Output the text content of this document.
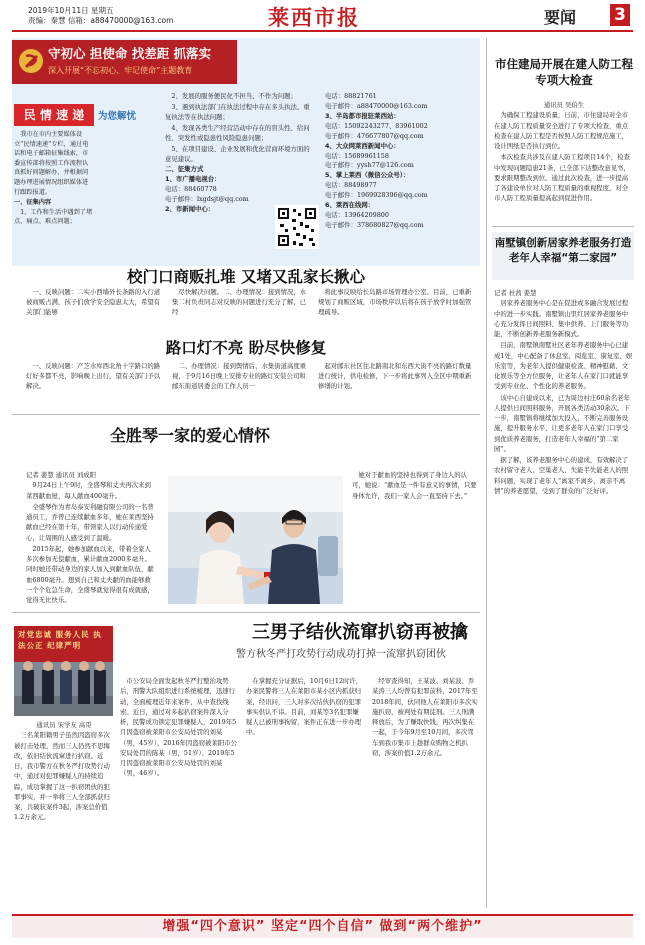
2019年10月11日 星期五
责编：秦慧 信箱：a88470000@163.com	莱西市报	要闻 3
守初心 担使命 找差距 抓落实
深入开展“不忘初心、牢记使命”主题教育
民 情 速 递	为您解忧

我市在市内主要媒体设立“民情速递”专栏，通过电话和电子邮箱征集线索，市委宣传部将按照工作流程认真抓好问题解办，并根据问题办理进展情况组织媒体进行跟踪报道。

一、征集内容

1、工作和生活中遇到了堵点、痛点、难点问题；

2、发展的服务便民化不担当、不作为问题；

3、遇到执法部门在执法过程中存在多头执法、重复执法等在执法问题；

4、发现各类生产经营活动中存在的盲头性、给问性、突发性或隐患性风险隐患问题；

5、在项目建设、企业发展和优化营商环境方面的意见建议。

二、征集方式
1、市广播电视台：
电话：88460778
电子邮件：lxgdsjt@qq.com
2、市新闻中心：
电话：88821761
电子邮件：a88470000@163.com
3、半岛都市报驻莱西站：
电话：15092243277、83961002
电子邮件：476677807@qq.com
4、大众网莱西新闻中心：
电话：15689961158
电子邮件：yysh77@126.com
5、掌上莱西（微信公众号）：
电话：88498977
电子邮件：1969928396@qq.com
6、莱西在线网：
电话：13964209800
电子邮件：378680827@qq.com
校门口商贩扎堆 又堵又乱家长揪心

一、反映问题：二实小西墙外长条路的入行道被商贩占满，孩子们放学安全隐患太大，希望有关部门能够

尽快解决问题。二、办理情况：接到情况，水集二村负责同志对反映的问题进行充分了解，已经

将此事反映给长岛路市场管理办公室。目前，已重新规划了商贩区域，市场秩序以后将在孩子放学时加强管理疏导。

路口灯不亮 盼尽快修复

一、反映问题：产芝水库西北角十字路口的路灯好多都不亮，影响晚上出行，望有关部门予以解决。

二、办理情况：接到舆情后，水集街道高度重视，于9月16日晚上安排专业的路灯安装公司和邮东街道居委会的工作人员一

起对邮东社区往北路南北和东西大街不亮的路灯数量进行统计，供电检修，下一步将此事列入全区中期重新修缮的计划。

全胜琴一家的爱心情怀
记者 姜慧 通讯员 刘成阳

9月24日上午9时，全盛琴和丈夫再次来到莱西献血屋，每人献血400毫升。

全盛琴作为青岛泰安利融有限公司的一名普通员工，乔曾已连续献血多年，她在莱西坚持献血已经在第十年，带领家人以行动传递爱心，让周围的人感受到了温暖。

2015年起，她参加献血以来，带着全家人多次参加无偿献血，累计献血2000多毫升。同时她还带动身边的家人加入到献血队伍，献血6800毫升。想到自己和丈夫献的血能够救一个个危急生命，全盛琴就觉得很有成就感，觉得无比快乐。

她对于献血的坚持也得到了身边人的认可，她说：“献血是一件有意义的事情，只要身体允许，我们一家人会一直坚持下去。”

三男子结伙流窜扒窃再被擒
警方秋冬严打攻势行动成功打掉一流窜扒窃团伙
对党忠诚 服务人民 执法公正 纪律严明
通讯员 宋学友 高哥

三名莱阳籍男子虽然因盗窃多次被打击处理，然而三人仍然不思悔改，依旧结伙流窜进行扒窃。近日，我市警方在秋冬严打攻势行动中，通过对犯罪嫌疑人的持续追踪，成功掌握了这一扒窃团伙的犯罪事实，并一举将三人全部抓获归案，共破获案件3起，涉案总价值1.2万余元。

市公安局全面发起秋冬严打整治攻势后，刑警大队组织进行系统梳理，迅速行动，全面梳理近年来案件，从中查找线索。近日，通过对多起扒窃案件深入分析，民警成功锁定犯罪嫌疑人，2019年5月因盗窃被莱阳市公安局处罚的刘某（男，45岁）、2016年因盗窃被莱阳市公安局处罚的陈某（男，51岁）、2019年5月因盗窃被莱阳市公安局处罚的刘某（男，46岁）。

在掌握充分证据后，10月6日12时许，办案民警将三人在莱阳市某小区内抓获归案，经讯问，三人对多次结伙扒窃的犯罪事实供认不讳。目前，刘某等3名犯罪嫌疑人已被刑事拘留，案件正在进一步办理中。

经审查得知，王某波、刘某波、乔某涛三人均曾有犯罪前科，2017年至2018年间，伙同他人在莱阳市多次实施扒窃，被判处有期徒刑。三人刑满释放后，为了赚取快钱，再次纠集在一起，于今年9月至10月间，多次驾车到我市集市上趁群众购物之机扒窃，涉案价值1.2万余元。

市住建局开展在建人防工程专项大检查
通讯员 吴伯生

为确保工程建设质量，日前，市住建局对全市在建人防工程质量安全进行了专项大检查，重点检查在建人防工程是否按照人防工程规范施工，设计图纸是否执行到位。

本次检查共涉及在建人防工程项目14个，检查中发现问题隐患21条，已全部下达整改意见书，要求限期整改到位。通过此次检查，进一步提高了各建设单位对人防工程质量的重视程度，对全市人防工程质量提高起到促进作用。

南墅镇创新居家养老服务打造老年人幸福“第二家园”
记者 杜茜 姜慧

居家养老服务中心是在促进或多融合发展过程中的进一步实践。南墅镇山里红居家养老服务中心充分发挥日间照料、集中供养、上门服务等功能，不断创新养老服务新模式。

目前，南墅镇南墅社区老年养老服务中心已建成1处，中心配备了休息室、阅览室、康复室、娱乐室等，为老年人提供健康检查、精神慰藉、文化娱乐等全方位服务，让老年人在家门口就能享受到专业化、个性化的养老服务。

该中心自建成以来，已为周边村庄60余名老年人提供日间照料服务，开展各类活动30余次。下一步，南墅镇将继续加大投入，不断完善服务设施，提升服务水平，让更多老年人在家门口享受到优质养老服务，打造老年人幸福的“第二家园”。

据了解，该养老服务中心的建成，有效解决了农村留守老人、空巢老人、失能半失能老人的照料问题，实现了老年人“离家不离乡、离亲不离情”的养老愿望，受到了群众的广泛好评。

增强“四个意识” 坚定“四个自信” 做到“两个维护”
